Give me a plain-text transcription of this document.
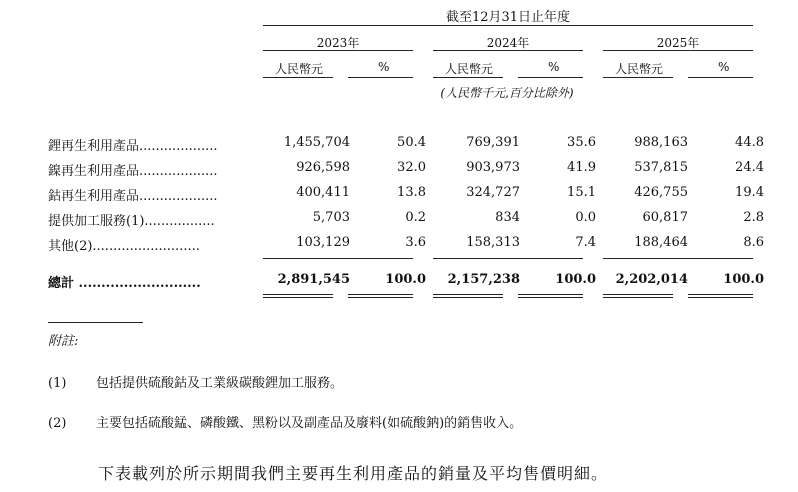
截至12月31日止年度
2023年	2024年	2025年
人民幣元	%	人民幣元	%	人民幣元	%
(人民幣千元,百分比除外)
鋰再生利用產品...................	1,455,704	50.4	769,391	35.6	988,163	44.8
鎳再生利用產品...................	926,598	32.0	903,973	41.9	537,815	24.4
鈷再生利用產品...................	400,411	13.8	324,727	15.1	426,755	19.4
提供加工服務(1).................	5,703	0.2	834	0.0	60,817	2.8
其他(2)..........................	103,129	3.6	158,313	7.4	188,464	8.6
總計 ...........................	2,891,545	100.0	2,157,238	100.0	2,202,014	100.0
附註:
(1) 包括提供硫酸鈷及工業級碳酸鋰加工服務。
(2) 主要包括硫酸錳、磷酸鐵、黑粉以及副產品及廢料(如硫酸鈉)的銷售收入。
下表載列於所示期間我們主要再生利用產品的銷量及平均售價明細。
